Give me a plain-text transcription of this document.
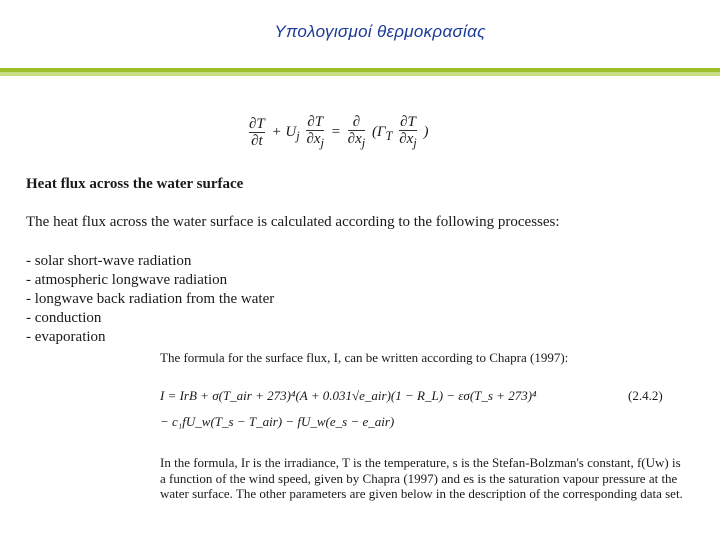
Υπολογισμοί θερμοκρασίας
$\frac{\partial T}{\partial t} + U_j \frac{\partial T}{\partial x_j} = \frac{\partial}{\partial x_j} (\Gamma_T \frac{\partial T}{\partial x_j}$ )
Heat flux across the water surface
The heat flux across the water surface is calculated according to the following processes:
- solar short-wave radiation
- atmospheric longwave radiation
- longwave back radiation from the water
- conduction
- evaporation
The formula for the surface flux, I, can be written according to Chapra (1997):
I = IrB + σ(T_air + 273)⁴(A + 0.031√e_air)(1 − R_L) − εσ(T_s + 273)⁴
− c₁fU_w(T_s − T_air) − fU_w(e_s − e_air)
(2.4.2)
In the formula, Ir is the irradiance, T is the temperature, s is the Stefan-Bolzman's constant, f(Uw) is a function of the wind speed, given by Chapra (1997) and es is the saturation vapour pressure at the water surface. The other parameters are given below in the description of the corresponding data set.
